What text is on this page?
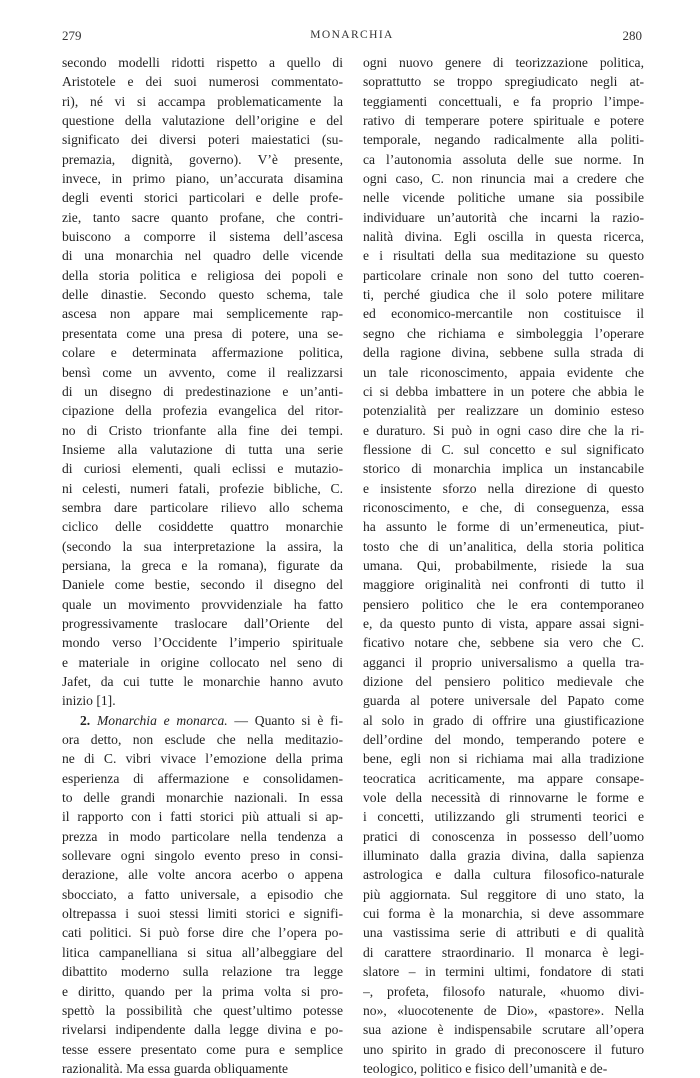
279	MONARCHIA	280
secondo modelli ridotti rispetto a quello di
Aristotele e dei suoi numerosi commentato-
ri), né vi si accampa problematicamente la
questione della valutazione dell’origine e del
significato dei diversi poteri maiestatici (su-
premazia, dignità, governo). V’è presente,
invece, in primo piano, un’accurata disamina
degli eventi storici particolari e delle profe-
zie, tanto sacre quanto profane, che contri-
buiscono a comporre il sistema dell’ascesa
di una monarchia nel quadro delle vicende
della storia politica e religiosa dei popoli e
delle dinastie. Secondo questo schema, tale
ascesa non appare mai semplicemente rap-
presentata come una presa di potere, una se-
colare e determinata affermazione politica,
bensì come un avvento, come il realizzarsi
di un disegno di predestinazione e un’anti-
cipazione della profezia evangelica del ritor-
no di Cristo trionfante alla fine dei tempi.
Insieme alla valutazione di tutta una serie
di curiosi elementi, quali eclissi e mutazio-
ni celesti, numeri fatali, profezie bibliche, C.
sembra dare particolare rilievo allo schema
ciclico delle cosiddette quattro monarchie
(secondo la sua interpretazione la assira, la
persiana, la greca e la romana), figurate da
Daniele come bestie, secondo il disegno del
quale un movimento provvidenziale ha fatto
progressivamente traslocare dall’Oriente del
mondo verso l’Occidente l’imperio spirituale
e materiale in origine collocato nel seno di
Jafet, da cui tutte le monarchie hanno avuto
inizio [1].
2. Monarchia e monarca. — Quanto si è fi-
ora detto, non esclude che nella meditazio-
ne di C. vibri vivace l’emozione della prima
esperienza di affermazione e consolidamen-
to delle grandi monarchie nazionali. In essa
il rapporto con i fatti storici più attuali si ap-
prezza in modo particolare nella tendenza a
sollevare ogni singolo evento preso in consi-
derazione, alle volte ancora acerbo o appena
sbocciato, a fatto universale, a episodio che
oltrepassa i suoi stessi limiti storici e signifi-
cati politici. Si può forse dire che l’opera po-
litica campanelliana si situa all’albeggiare del
dibattito moderno sulla relazione tra legge
e diritto, quando per la prima volta si pro-
spettò la possibilità che quest’ultimo potesse
rivelarsi indipendente dalla legge divina e po-
tesse essere presentato come pura e semplice
razionalità. Ma essa guarda obliquamente
ogni nuovo genere di teorizzazione politica,
soprattutto se troppo spregiudicato negli at-
teggiamenti concettuali, e fa proprio l’impe-
rativo di temperare potere spirituale e potere
temporale, negando radicalmente alla politi-
ca l’autonomia assoluta delle sue norme. In
ogni caso, C. non rinuncia mai a credere che
nelle vicende politiche umane sia possibile
individuare un’autorità che incarni la razio-
nalità divina. Egli oscilla in questa ricerca,
e i risultati della sua meditazione su questo
particolare crinale non sono del tutto coeren-
ti, perché giudica che il solo potere militare
ed economico-mercantile non costituisce il
segno che richiama e simboleggia l’operare
della ragione divina, sebbene sulla strada di
un tale riconoscimento, appaia evidente che
ci si debba imbattere in un potere che abbia le
potenzialità per realizzare un dominio esteso
e duraturo. Si può in ogni caso dire che la ri-
flessione di C. sul concetto e sul significato
storico di monarchia implica un instancabile
e insistente sforzo nella direzione di questo
riconoscimento, e che, di conseguenza, essa
ha assunto le forme di un’ermeneutica, piut-
tosto che di un’analitica, della storia politica
umana. Qui, probabilmente, risiede la sua
maggiore originalità nei confronti di tutto il
pensiero politico che le era contemporaneo
e, da questo punto di vista, appare assai signi-
ficativo notare che, sebbene sia vero che C.
agganci il proprio universalismo a quella tra-
dizione del pensiero politico medievale che
guarda al potere universale del Papato come
al solo in grado di offrire una giustificazione
dell’ordine del mondo, temperando potere e
bene, egli non si richiama mai alla tradizione
teocratica acriticamente, ma appare consape-
vole della necessità di rinnovarne le forme e
i concetti, utilizzando gli strumenti teorici e
pratici di conoscenza in possesso dell’uomo
illuminato dalla grazia divina, dalla sapienza
astrologica e dalla cultura filosofico-naturale
più aggiornata. Sul reggitore di uno stato, la
cui forma è la monarchia, si deve assommare
una vastissima serie di attributi e di qualità
di carattere straordinario. Il monarca è legi-
slatore – in termini ultimi, fondatore di stati
–, profeta, filosofo naturale, «huomo divi-
no», «luocotenente de Dio», «pastore». Nella
sua azione è indispensabile scrutare all’opera
uno spirito in grado di preconoscere il futuro
teologico, politico e fisico dell’umanità e de-
